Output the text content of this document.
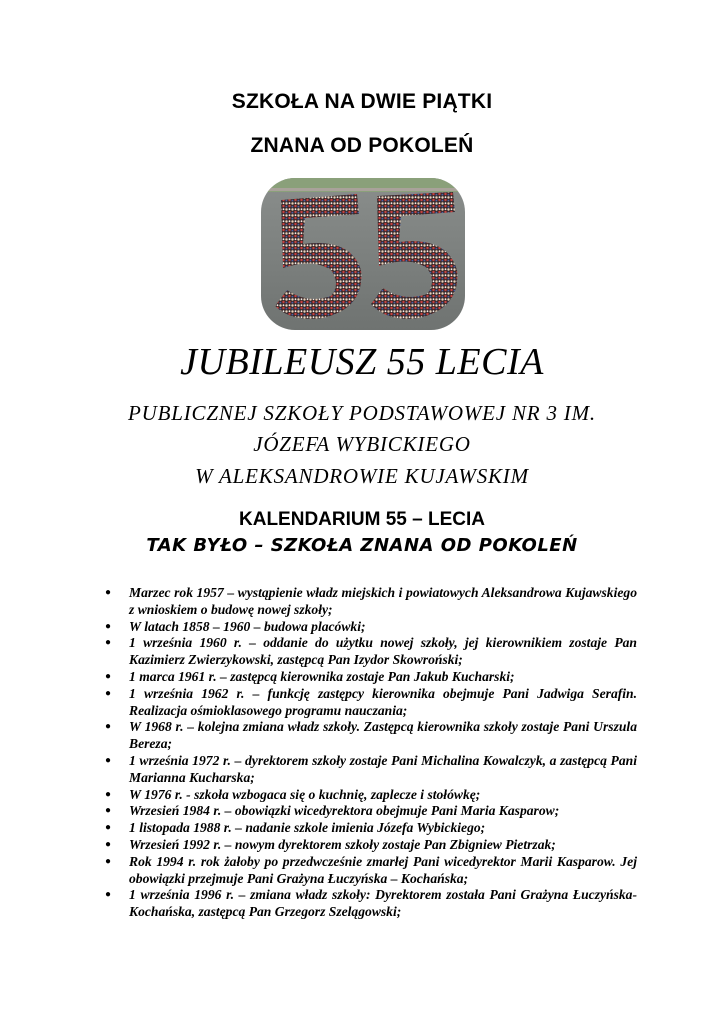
SZKOŁA NA DWIE PIĄTKI
ZNANA OD POKOLEŃ
JUBILEUSZ 55 LECIA
PUBLICZNEJ SZKOŁY PODSTAWOWEJ NR 3 IM.
JÓZEFA WYBICKIEGO
W ALEKSANDROWIE KUJAWSKIM
KALENDARIUM 55 – LECIA
TAK BYŁO – SZKOŁA ZNANA OD POKOLEŃ
● Marzec rok 1957 – wystąpienie władz miejskich i powiatowych Aleksandrowa Kujawskiego z wnioskiem o budowę nowej szkoły;
● W latach 1858 – 1960 – budowa placówki;
● 1 września 1960 r. – oddanie do użytku nowej szkoły, jej kierownikiem zostaje Pan Kazimierz Zwierzykowski, zastępcą Pan Izydor Skowroński;
● 1 marca 1961 r. – zastępcą kierownika zostaje Pan Jakub Kucharski;
● 1 września 1962 r. – funkcję zastępcy kierownika obejmuje Pani Jadwiga Serafin. Realizacja ośmioklasowego programu nauczania;
● W 1968 r. – kolejna zmiana władz szkoły. Zastępcą kierownika szkoły zostaje Pani Urszula Bereza;
● 1 września 1972 r. – dyrektorem szkoły zostaje Pani Michalina Kowalczyk, a zastępcą Pani Marianna Kucharska;
● W 1976 r. - szkoła wzbogaca się o kuchnię, zaplecze i stołówkę;
● Wrzesień 1984 r. – obowiązki wicedyrektora obejmuje Pani Maria Kasparow;
● 1 listopada 1988 r. – nadanie szkole imienia Józefa Wybickiego;
● Wrzesień 1992 r. – nowym dyrektorem szkoły zostaje Pan Zbigniew Pietrzak;
● Rok 1994 r. rok żałoby po przedwcześnie zmarłej Pani wicedyrektor Marii Kasparow. Jej obowiązki przejmuje Pani Grażyna Łuczyńska – Kochańska;
● 1 września 1996 r. – zmiana władz szkoły: Dyrektorem została Pani Grażyna Łuczyńska-Kochańska, zastępcą Pan Grzegorz Szelągowski;
